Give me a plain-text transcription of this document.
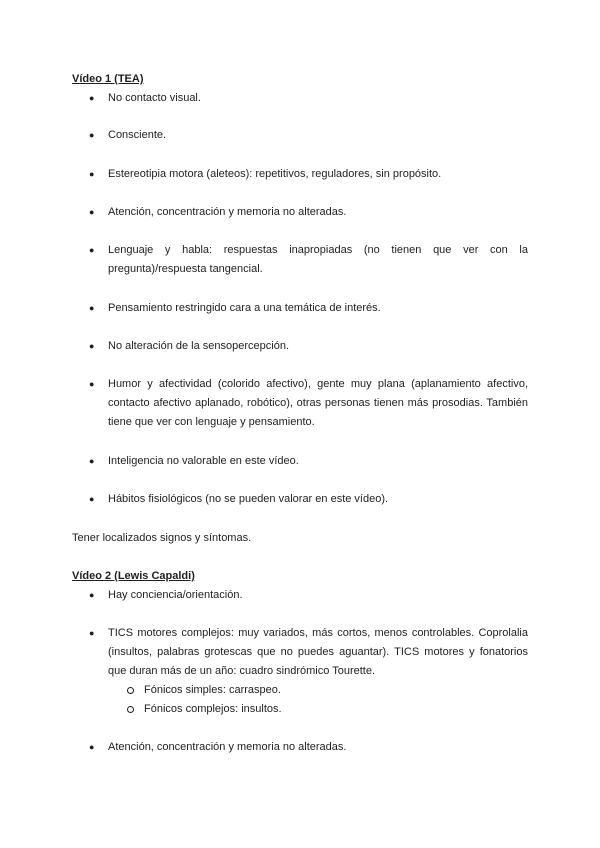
Vídeo 1 (TEA)
● No contacto visual.
● Consciente.
● Estereotipia motora (aleteos): repetitivos, reguladores, sin propósito.
● Atención, concentración y memoria no alteradas.
● Lenguaje y habla: respuestas inapropiadas (no tienen que ver con la pregunta)/respuesta tangencial.
● Pensamiento restringido cara a una temática de interés.
● No alteración de la sensopercepción.
● Humor y afectividad (colorido afectivo), gente muy plana (aplanamiento afectivo, contacto afectivo aplanado, robótico), otras personas tienen más prosodias. También tiene que ver con lenguaje y pensamiento.
● Inteligencia no valorable en este vídeo.
● Hábitos fisiológicos (no se pueden valorar en este vídeo).
Tener localizados signos y síntomas.
Vídeo 2 (Lewis Capaldi)
● Hay conciencia/orientación.
● TICS motores complejos: muy variados, más cortos, menos controlables. Coprolalia (insultos, palabras grotescas que no puedes aguantar). TICS motores y fonatorios que duran más de un año: cuadro sindrómico Tourette.
Fónicos simples: carraspeo.
Fónicos complejos: insultos.
● Atención, concentración y memoria no alteradas.
